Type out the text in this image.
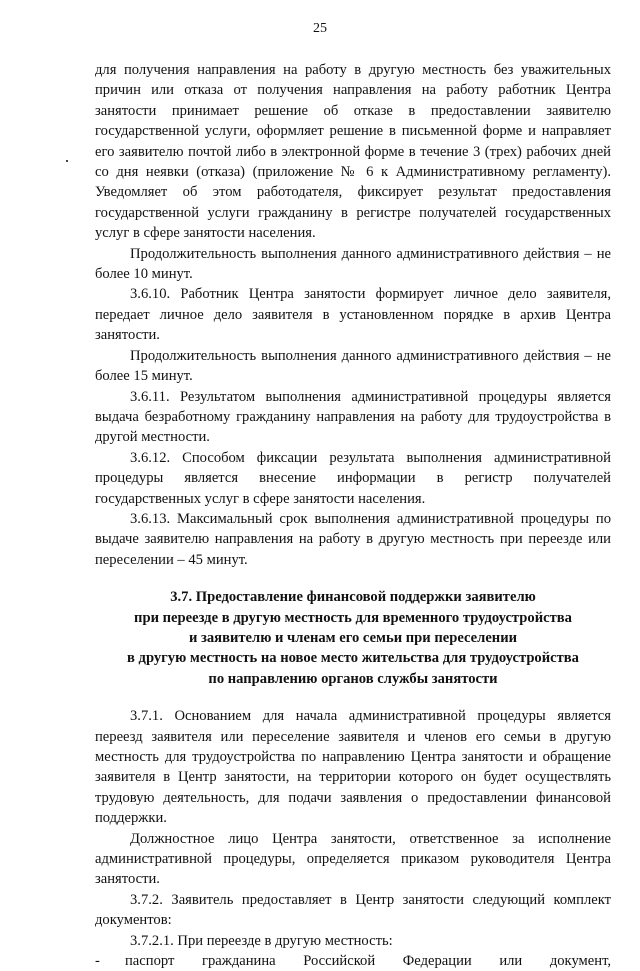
25

для получения направления на работу в другую местность без уважительных причин или отказа от получения направления на работу работник Центра занятости принимает решение об отказе в предоставлении заявителю государственной услуги, оформляет решение в письменной форме и направляет его заявителю почтой либо в электронной форме в течение 3 (трех) рабочих дней со дня неявки (отказа) (приложение № 6 к Административному регламенту). Уведомляет об этом работодателя, фиксирует результат предоставления государственной услуги гражданину в регистре получателей государственных услуг в сфере занятости населения.

Продолжительность выполнения данного административного действия – не более 10 минут.

3.6.10. Работник Центра занятости формирует личное дело заявителя, передает личное дело заявителя в установленном порядке в архив Центра занятости.

Продолжительность выполнения данного административного действия – не более 15 минут.

3.6.11. Результатом выполнения административной процедуры является выдача безработному гражданину направления на работу для трудоустройства в другой местности.

3.6.12. Способом фиксации результата выполнения административной процедуры является внесение информации в регистр получателей государственных услуг в сфере занятости населения.

3.6.13. Максимальный срок выполнения административной процедуры по выдаче заявителю направления на работу в другую местность при переезде или переселении – 45 минут.

3.7. Предоставление финансовой поддержки заявителю
при переезде в другую местность для временного трудоустройства
и заявителю и членам его семьи при переселении
в другую местность на новое место жительства для трудоустройства
по направлению органов службы занятости

3.7.1. Основанием для начала административной процедуры является переезд заявителя или переселение заявителя и членов его семьи в другую местность для трудоустройства по направлению Центра занятости и обращение заявителя в Центр занятости, на территории которого он будет осуществлять трудовую деятельность, для подачи заявления о предоставлении финансовой поддержки.

Должностное лицо Центра занятости, ответственное за исполнение административной процедуры, определяется приказом руководителя Центра занятости.

3.7.2. Заявитель предоставляет в Центр занятости следующий комплект документов:

3.7.2.1. При переезде в другую местность:

- паспорт гражданина Российской Федерации или документ,
